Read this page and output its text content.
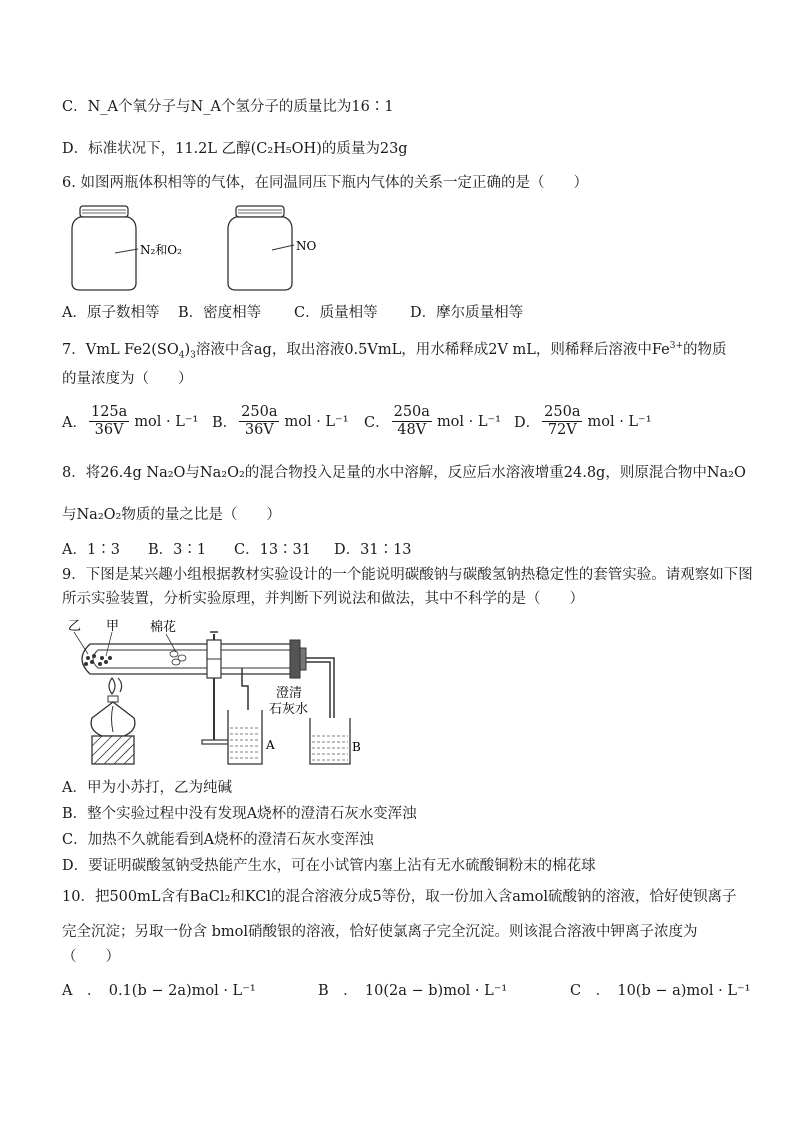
C．N_A个氧分子与N_A个氢分子的质量比为16∶1
D．标准状况下，11.2L 乙醇(C₂H₅OH)的质量为23g
6. 如图两瓶体积相等的气体，在同温同压下瓶内气体的关系一定正确的是（　　）
N₂和O₂	NO
A．原子数相等 B．密度相等 C．质量相等 D．摩尔质量相等
7．VmL $Fe2(SO_4)_3$溶液中含ag，取出溶液0.5VmL，用水稀释成2V mL，则稀释后溶液中$Fe^{3+}$的物质
的量浓度为（　　）
A． $\frac{125a}{36V}$ mol · L⁻¹ B． $\frac{250a}{36V}$ mol · L⁻¹ C． $\frac{250a}{48V}$ mol · L⁻¹ D． $\frac{250a}{72V}$ mol · L⁻¹
8．将26.4g Na₂O与Na₂O₂的混合物投入足量的水中溶解，反应后水溶液增重24.8g，则原混合物中Na₂O
与Na₂O₂物质的量之比是（　　）
A．1∶3 B．3∶1 C．13∶31 D．31∶13
9．下图是某兴趣小组根据教材实验设计的一个能说明碳酸钠与碳酸氢钠热稳定性的套管实验。请观察如下图
所示实验装置，分析实验原理，并判断下列说法和做法，其中不科学的是（　　）
乙 甲 棉花
澄清
石灰水
A	B
A．甲为小苏打，乙为纯碱
B．整个实验过程中没有发现A烧杯的澄清石灰水变浑浊
C．加热不久就能看到A烧杯的澄清石灰水变浑浊
D．要证明碳酸氢钠受热能产生水，可在小试管内塞上沾有无水硫酸铜粉末的棉花球
10．把500mL含有BaCl₂和KCl的混合溶液分成5等份，取一份加入含amol硫酸钠的溶液，恰好使钡离子
完全沉淀；另取一份含 bmol硝酸银的溶液，恰好使氯离子完全沉淀。则该混合溶液中钾离子浓度为
（　　）
A　．　0.1(b − 2a)mol · L⁻¹	B　．　10(2a − b)mol · L⁻¹	C　．　10(b − a)mol · L⁻¹
